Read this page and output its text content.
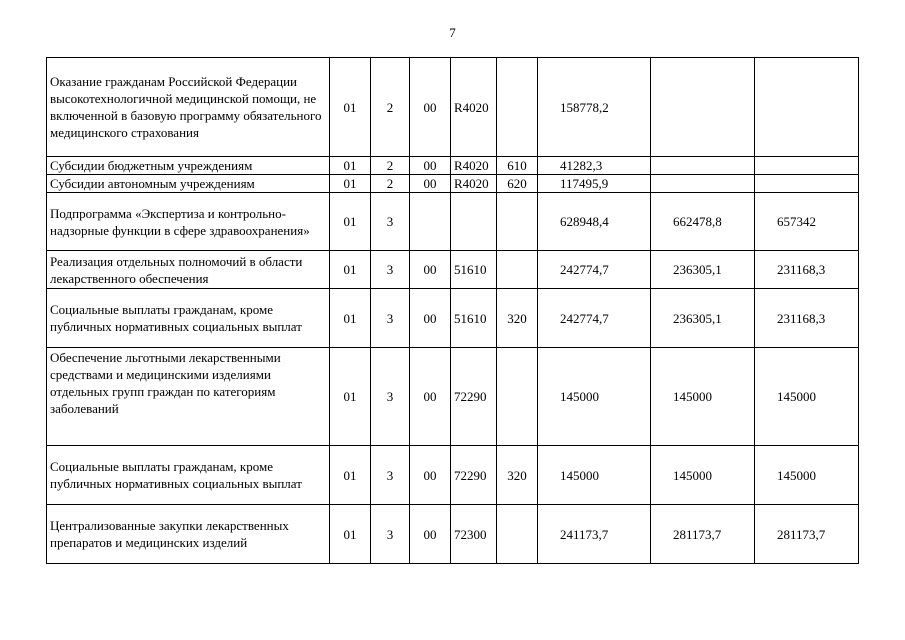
7
Оказание гражданам Российской Федерации высокотехнологичной медицинской помощи, не включенной в базовую программу обязательного медицинского страхования	01	2	00	R4020		158778,2		
Субсидии бюджетным учреждениям	01	2	00	R4020	610	41282,3		
Субсидии автономным учреждениям	01	2	00	R4020	620	117495,9		
Подпрограмма «Экспертиза и контрольно-надзорные функции в сфере здравоохранения»	01	3				628948,4	662478,8	657342
Реализация отдельных полномочий в области лекарственного обеспечения	01	3	00	51610		242774,7	236305,1	231168,3
Социальные выплаты гражданам, кроме публичных нормативных социальных выплат	01	3	00	51610	320	242774,7	236305,1	231168,3
Обеспечение льготными лекарственными средствами и медицинскими изделиями отдельных групп граждан по категориям заболеваний	01	3	00	72290		145000	145000	145000
Социальные выплаты гражданам, кроме публичных нормативных социальных выплат	01	3	00	72290	320	145000	145000	145000
Централизованные закупки лекарственных препаратов и медицинских изделий	01	3	00	72300		241173,7	281173,7	281173,7
